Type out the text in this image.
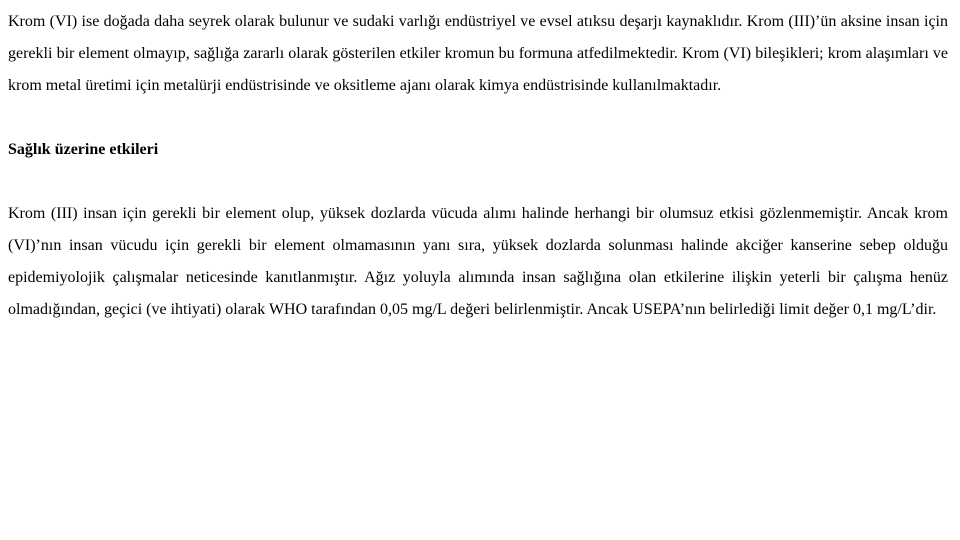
Krom (VI) ise doğada daha seyrek olarak bulunur ve sudaki varlığı endüstriyel ve evsel atıksu deşarjı kaynaklıdır. Krom (III)’ün aksine insan için gerekli bir element olmayıp, sağlığa zararlı olarak gösterilen etkiler kromun bu formuna atfedilmektedir. Krom (VI) bileşikleri; krom alaşımları ve krom metal üretimi için metalürji endüstrisinde ve oksitleme ajanı olarak kimya endüstrisinde kullanılmaktadır.

Sağlık üzerine etkileri

Krom (III) insan için gerekli bir element olup, yüksek dozlarda vücuda alımı halinde herhangi bir olumsuz etkisi gözlenmemiştir. Ancak krom (VI)’nın insan vücudu için gerekli bir element olmamasının yanı sıra, yüksek dozlarda solunması halinde akciğer kanserine sebep olduğu epidemiyolojik çalışmalar neticesinde kanıtlanmıştır. Ağız yoluyla alımında insan sağlığına olan etkilerine ilişkin yeterli bir çalışma henüz olmadığından, geçici (ve ihtiyati) olarak WHO tarafından 0,05 mg/L değeri belirlenmiştir. Ancak USEPA’nın belirlediği limit değer 0,1 mg/L’dir.
